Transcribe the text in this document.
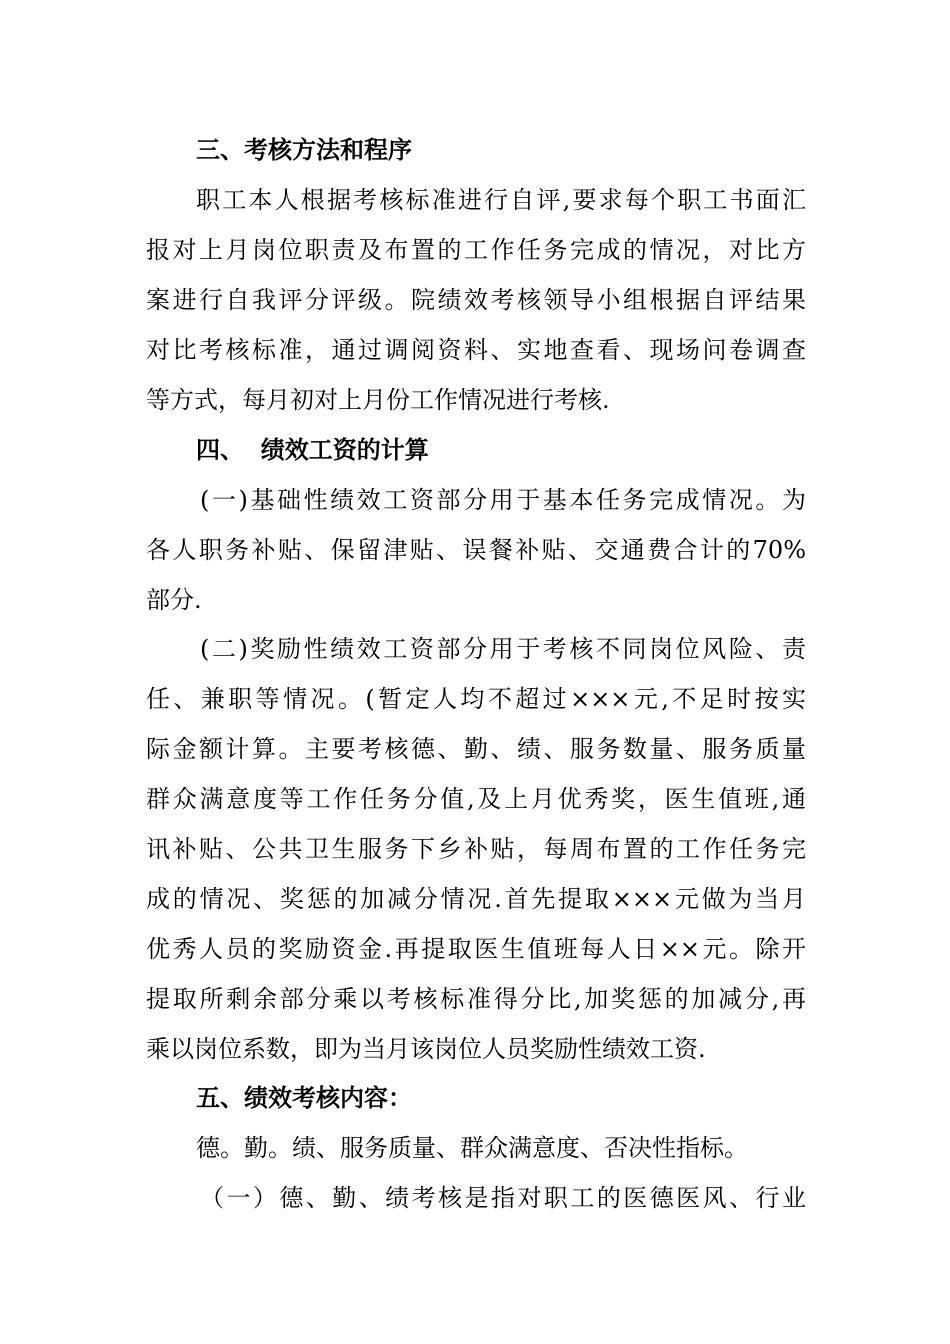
三、考核方法和程序
职工本人根据考核标准进行自评,要求每个职工书面汇
报对上月岗位职责及布置的工作任务完成的情况，对比方
案进行自我评分评级。院绩效考核领导小组根据自评结果
对比考核标准，通过调阅资料、实地查看、现场问卷调查
等方式，每月初对上月份工作情况进行考核.
四、  绩效工资的计算
(一)基础性绩效工资部分用于基本任务完成情况。为
各人职务补贴、保留津贴、误餐补贴、交通费合计的70%
部分.
(二)奖励性绩效工资部分用于考核不同岗位风险、责
任、兼职等情况。(暂定人均不超过×××元,不足时按实
际金额计算。主要考核德、勤、绩、服务数量、服务质量
群众满意度等工作任务分值,及上月优秀奖，医生值班,通
讯补贴、公共卫生服务下乡补贴，每周布置的工作任务完
成的情况、奖惩的加减分情况.首先提取×××元做为当月
优秀人员的奖励资金.再提取医生值班每人日××元。除开
提取所剩余部分乘以考核标准得分比,加奖惩的加减分,再
乘以岗位系数，即为当月该岗位人员奖励性绩效工资.
五、绩效考核内容：
德。勤。绩、服务质量、群众满意度、否决性指标。
（一）德、勤、绩考核是指对职工的医德医风、行业
